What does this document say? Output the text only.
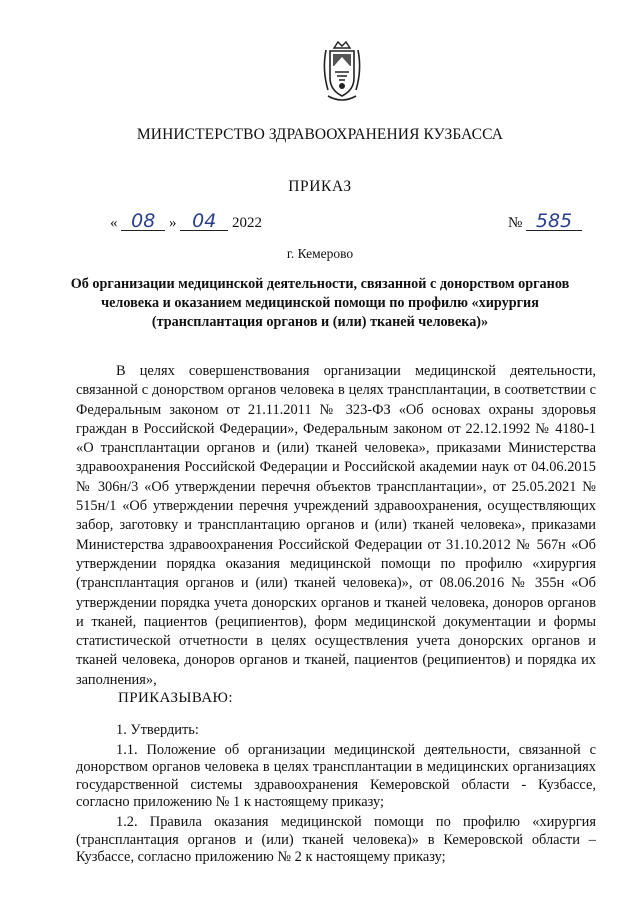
МИНИСТЕРСТВО ЗДРАВООХРАНЕНИЯ КУЗБАССА
ПРИКАЗ
« 08 » 04 2022	№ 585
г. Кемерово
Об организации медицинской деятельности, связанной с донорством органов человека и оказанием медицинской помощи по профилю «хирургия (трансплантация органов и (или) тканей человека)»

В целях совершенствования организации медицинской деятельности, связанной с донорством органов человека в целях трансплантации, в соответствии с Федеральным законом от 21.11.2011 № 323-ФЗ «Об основах охраны здоровья граждан в Российской Федерации», Федеральным законом от 22.12.1992 № 4180-1 «О трансплантации органов и (или) тканей человека», приказами Министерства здравоохранения Российской Федерации и Российской академии наук от 04.06.2015 № 306н/3 «Об утверждении перечня объектов трансплантации», от 25.05.2021 № 515н/1 «Об утверждении перечня учреждений здравоохранения, осуществляющих забор, заготовку и трансплантацию органов и (или) тканей человека», приказами Министерства здравоохранения Российской Федерации от 31.10.2012 № 567н «Об утверждении порядка оказания медицинской помощи по профилю «хирургия (трансплантация органов и (или) тканей человека)», от 08.06.2016 № 355н «Об утверждении порядка учета донорских органов и тканей человека, доноров органов и тканей, пациентов (реципиентов), форм медицинской документации и формы статистической отчетности в целях осуществления учета донорских органов и тканей человека, доноров органов и тканей, пациентов (реципиентов) и порядка их заполнения»,

ПРИКАЗЫВАЮ:

1. Утвердить:

1.1. Положение об организации медицинской деятельности, связанной с донорством органов человека в целях трансплантации в медицинских организациях государственной системы здравоохранения Кемеровской области - Кузбассе, согласно приложению № 1 к настоящему приказу;

1.2. Правила оказания медицинской помощи по профилю «хирургия (трансплантация органов и (или) тканей человека)» в Кемеровской области – Кузбассе, согласно приложению № 2 к настоящему приказу;
